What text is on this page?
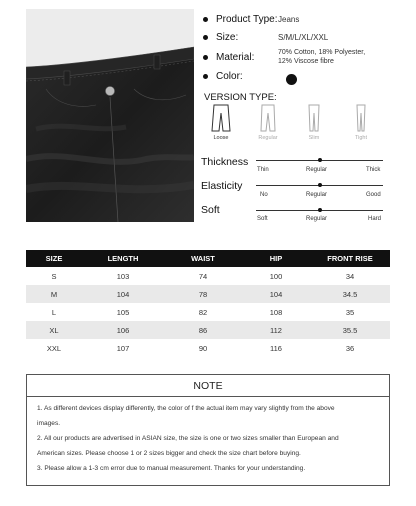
Product Type: Jeans
Size:	S/M/L/XL/XXL
Material:	70% Cotton, 18% Polyester,
12% Viscose fibre
Color:
VERSION TYPE:
Loose	Regular	Slim	Tight
Thickness
Thin	Regular	Thick
Elasticity
No	Regular	Good
Soft
Soft	Regular	Hard
SIZE	LENGTH	WAIST	HIP	FRONT RISE
S	103	74	100	34
M	104	78	104	34.5
L	105	82	108	35
XL	106	86	112	35.5
XXL	107	90	116	36
NOTE
1. As different devices display differently, the color of f the actual item may vary slightly from the above
images.
2. All our products are advertised in ASIAN size, the size is one or two sizes smaller than European and
American sizes. Please choose 1 or 2 sizes bigger and check the size chart before buying.
3. Please allow a 1-3 cm error due to manual measurement. Thanks for your understanding.
